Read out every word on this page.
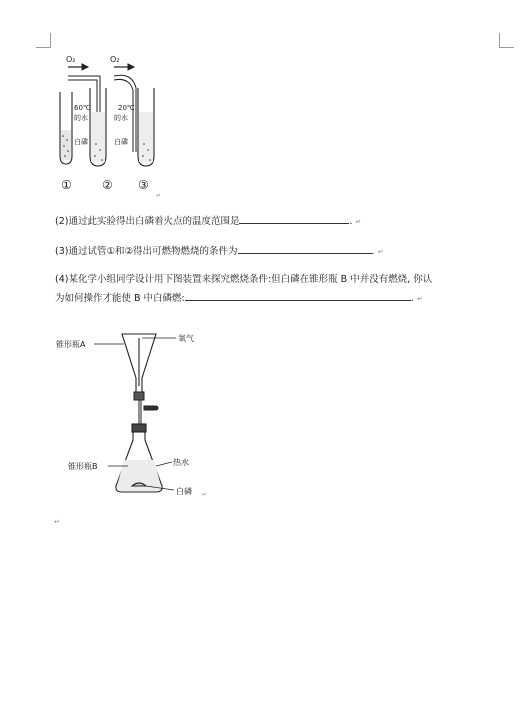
O₂	O₂
60℃
的水
20℃
的水
白磷	白磷
①	② ③
↵
(2)通过此实验得出白磷着火点的温度范围是	. ↵
(3)通过试管①和②得出可燃物燃烧的条件为	. ↵
(4)某化学小组同学设计用下图装置来探究燃烧条件:但白磷在锥形瓶 B 中并没有燃烧, 你认
为如何操作才能使 B 中白磷燃:	. ↵
锥形瓶A
氧气
锥形瓶B	热水
白磷 ↵
↵
